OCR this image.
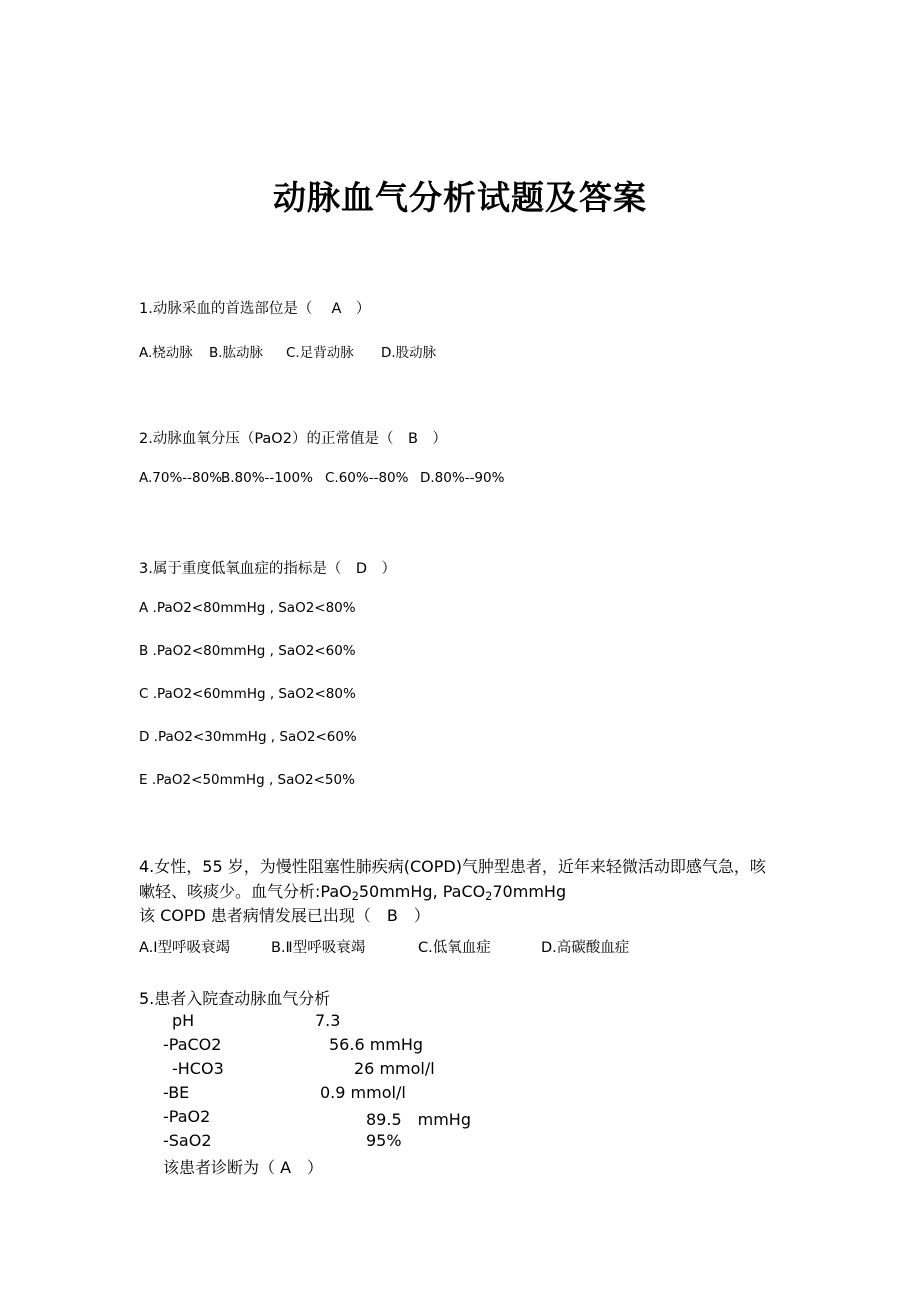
动脉血气分析试题及答案
1.动脉采血的首选部位是（　 A　）
A.桡动脉 B.肱动脉 C.足背动脉 D.股动脉
2.动脉血氧分压（PaO2）的正常值是（　B　）
A.70%--80%
B.80%--100% C.60%--80% D.80%--90%
3.属于重度低氧血症的指标是（　D　）
A .PaO2<80mmHg , SaO2<80%
B .PaO2<80mmHg , SaO2<60%
C .PaO2<60mmHg , SaO2<80%
D .PaO2<30mmHg , SaO2<60%
E .PaO2<50mmHg , SaO2<50%
4.女性，55 岁，为慢性阻塞性肺疾病(COPD)气肿型患者，近年来轻微活动即感气急，咳
嗽轻、咳痰少。血气分析:PaO$_2$50mmHg, PaCO$_2$70mmHg
该 COPD 患者病情发展已出现（　B　）
A.Ⅰ型呼吸衰竭	B.Ⅱ型呼吸衰竭	C.低氧血症	D.高碳酸血症
5.患者入院查动脉血气分析
pH	7.3
-PaCO2	56.6 mmHg
-HCO3	26 mmol/l
-BE	0.9 mmol/l
-PaO2	89.5　mmHg
-SaO2	95%
该患者诊断为（ A　）
